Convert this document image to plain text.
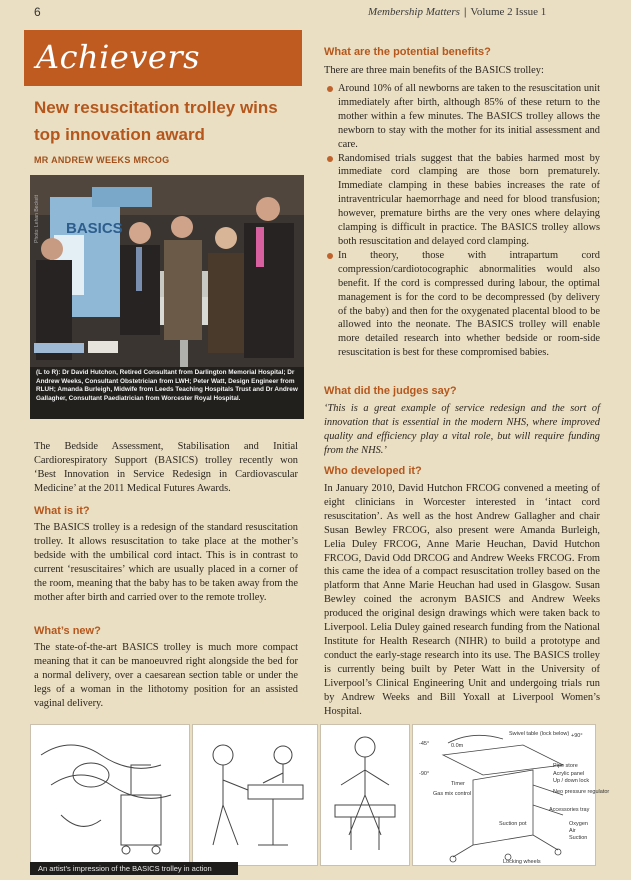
6	Membership Matters | Volume 2 Issue 1
Achievers
New resuscitation trolley wins top innovation award
MR ANDREW WEEKS MRCOG
BASICS
Photo: Lehan Beckett
(L to R): Dr David Hutchon, Retired Consultant from Darlington Memorial Hospital; Dr Andrew Weeks, Consultant Obstetrician from LWH; Peter Watt, Design Engineer from RLUH; Amanda Burleigh, Midwife from Leeds Teaching Hospitals Trust and Dr Andrew Gallagher, Consultant Paediatrician from Worcester Royal Hospital.
The Bedside Assessment, Stabilisation and Initial Cardiorespiratory Support (BASICS) trolley recently won ‘Best Innovation in Service Redesign in Cardiovascular Medicine’ at the 2011 Medical Futures Awards.
What is it?
The BASICS trolley is a redesign of the standard resuscitation trolley. It allows resuscitation to take place at the mother’s bedside with the umbilical cord intact. This is in contrast to current ‘resuscitaires’ which are usually placed in a corner of the room, meaning that the baby has to be taken away from the mother after birth and carried over to the remote trolley.
What’s new?
The state-of-the-art BASICS trolley is much more compact meaning that it can be manoeuvred right alongside the bed for a normal delivery, over a caesarean section table or under the legs of a woman in the lithotomy position for an assisted vaginal delivery.
What are the potential benefits?
There are three main benefits of the BASICS trolley:
Around 10% of all newborns are taken to the resuscitation unit immediately after birth, although 85% of these return to the mother within a few minutes. The BASICS trolley allows the newborn to stay with the mother for its initial assessment and care.
Randomised trials suggest that the babies harmed most by immediate cord clamping are those born prematurely. Immediate clamping in these babies increases the rate of intraventricular haemorrhage and need for blood transfusion; however, premature births are the very ones where delaying clamping is difficult in practice. The BASICS trolley allows both resuscitation and delayed cord clamping.
In theory, those with intrapartum cord compression/cardiotocographic abnormalities would also benefit. If the cord is compressed during labour, the optimal management is for the cord to be decompressed (by delivery of the baby) and then for the oxygenated placental blood to be allowed into the neonate. The BASICS trolley will enable more detailed research into whether bedside or room-side resuscitation is best for these compromised babies.
What did the judges say?
‘This is a great example of service redesign and the sort of innovation that is essential in the modern NHS, where improved quality and efficiency play a vital role, but will require funding from the NHS.’
Who developed it?
In January 2010, David Hutchon FRCOG convened a meeting of eight clinicians in Worcester interested in ‘intact cord resuscitation’. As well as the host Andrew Gallagher and chair Susan Bewley FRCOG, also present were Amanda Burleigh, Lelia Duley FRCOG, Anne Marie Heuchan, David Hutchon FRCOG, David Odd DRCOG and Andrew Weeks FRCOG. From this came the idea of a compact resuscitation trolley based on the platform that Anne Marie Heuchan had used in Glasgow. Susan Bewley coined the acronym BASICS and Andrew Weeks produced the original design drawings which were taken back to Liverpool. Lelia Duley gained research funding from the National Institute for Health Research (NIHR) to build a prototype and conduct the early-stage research into its use. The BASICS trolley is currently being built by Peter Watt in the University of Liverpool’s Clinical Engineering Unit and undergoing trials run by Andrew Weeks and Bill Yoxall at Liverpool Women’s Hospital.
Swivel table (lock below) +90°
-45°	0.0m
-90°
Timer
Gas mix control
Pipe store
Acrylic panel
Up / down lock
Neo pressure regulator
Accessories tray
Oxygen
Air
Suction
Suction pot
Locking wheels
An artist’s impression of the BASICS trolley in action
